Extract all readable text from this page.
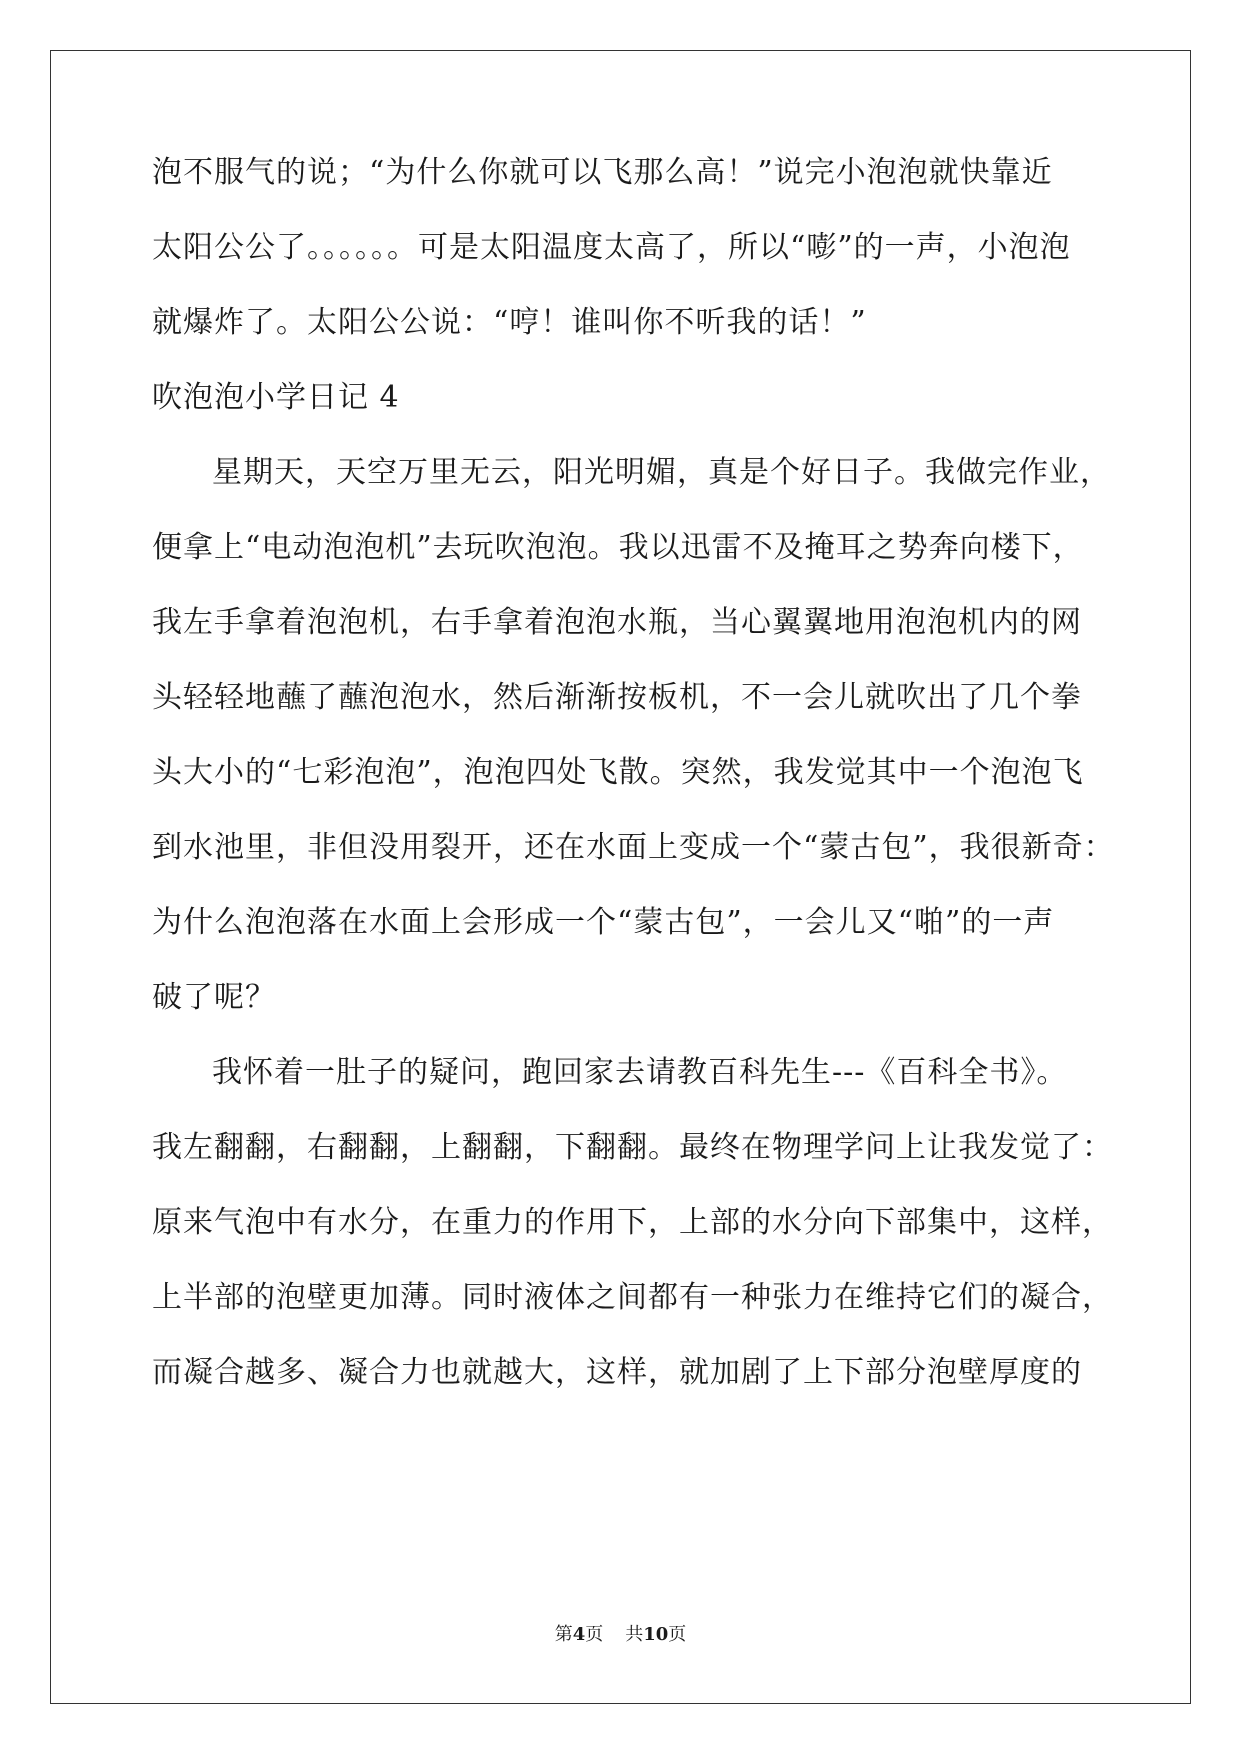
泡不服气的说；“为什么你就可以飞那么高！”说完小泡泡就快靠近
太阳公公了。。。。。。可是太阳温度太高了，所以“嘭”的一声，小泡泡
就爆炸了。太阳公公说：“哼！谁叫你不听我的话！”
吹泡泡小学日记 4
星期天，天空万里无云，阳光明媚，真是个好日子。我做完作业，
便拿上“电动泡泡机”去玩吹泡泡。我以迅雷不及掩耳之势奔向楼下，
我左手拿着泡泡机，右手拿着泡泡水瓶，当心翼翼地用泡泡机内的网
头轻轻地蘸了蘸泡泡水，然后渐渐按板机，不一会儿就吹出了几个拳
头大小的“七彩泡泡”，泡泡四处飞散。突然，我发觉其中一个泡泡飞
到水池里，非但没用裂开，还在水面上变成一个“蒙古包”，我很新奇：
为什么泡泡落在水面上会形成一个“蒙古包”，一会儿又“啪”的一声
破了呢？
我怀着一肚子的疑问，跑回家去请教百科先生---《百科全书》。
我左翻翻，右翻翻，上翻翻，下翻翻。最终在物理学问上让我发觉了：
原来气泡中有水分，在重力的作用下，上部的水分向下部集中，这样，
上半部的泡壁更加薄。同时液体之间都有一种张力在维持它们的凝合，
而凝合越多、凝合力也就越大，这样，就加剧了上下部分泡壁厚度的
第4页 共10页
